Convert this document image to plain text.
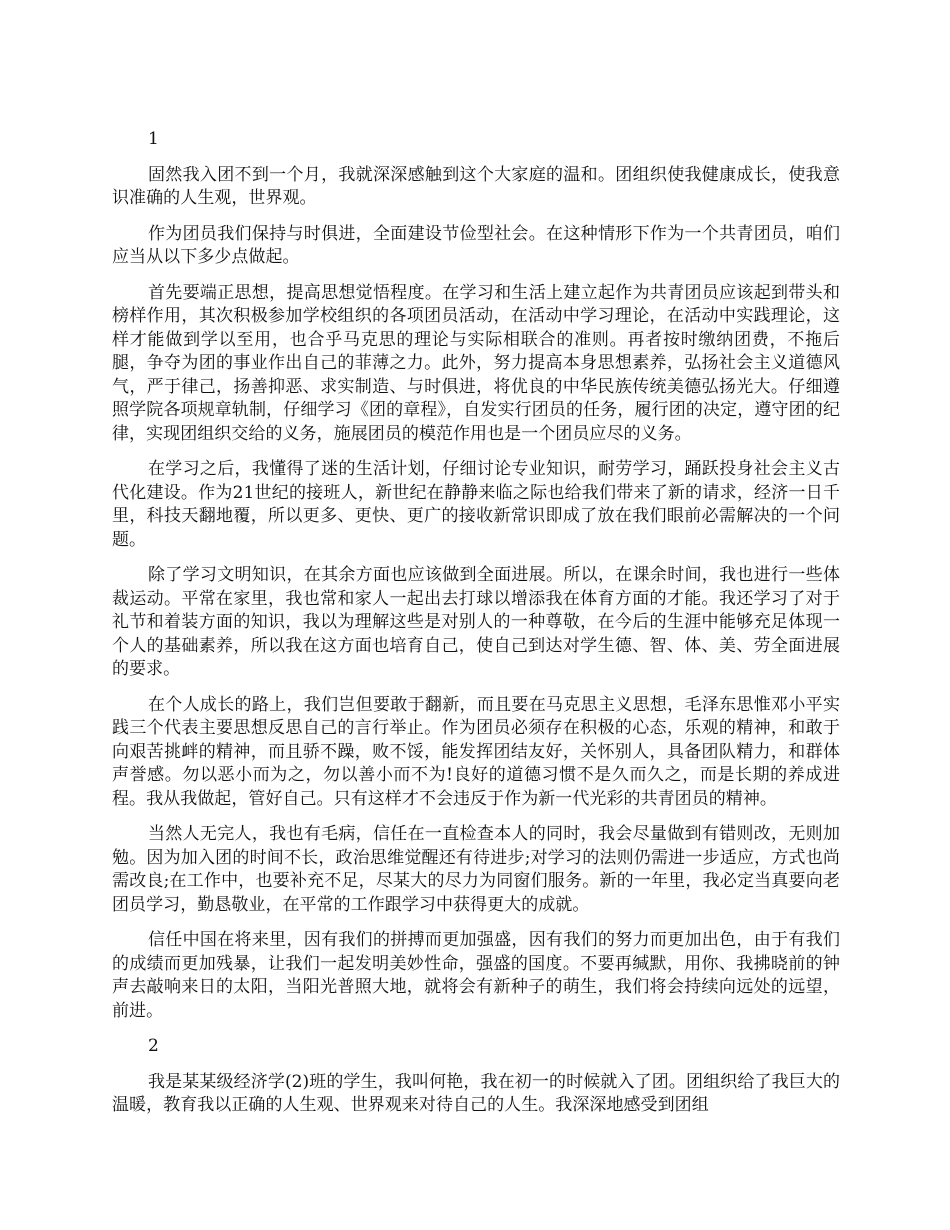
1

固然我入团不到一个月，我就深深感触到这个大家庭的温和。团组织使我健康成长，使我意识准确的人生观，世界观。

作为团员我们保持与时俱进，全面建设节俭型社会。在这种情形下作为一个共青团员，咱们应当从以下多少点做起。

首先要端正思想，提高思想觉悟程度。在学习和生活上建立起作为共青团员应该起到带头和榜样作用，其次积极参加学校组织的各项团员活动，在活动中学习理论，在活动中实践理论，这样才能做到学以至用，也合乎马克思的理论与实际相联合的准则。再者按时缴纳团费，不拖后腿，争夺为团的事业作出自己的菲薄之力。此外，努力提高本身思想素养，弘扬社会主义道德风气，严于律己，扬善抑恶、求实制造、与时俱进，将优良的中华民族传统美德弘扬光大。仔细遵照学院各项规章轨制，仔细学习《团的章程》，自发实行团员的任务，履行团的决定，遵守团的纪律，实现团组织交给的义务，施展团员的模范作用也是一个团员应尽的义务。

在学习之后，我懂得了迷的生活计划，仔细讨论专业知识，耐劳学习，踊跃投身社会主义古代化建设。作为21世纪的接班人，新世纪在静静来临之际也给我们带来了新的请求，经济一日千里，科技天翻地覆，所以更多、更快、更广的接收新常识即成了放在我们眼前必需解决的一个问题。

除了学习文明知识，在其余方面也应该做到全面进展。所以，在课余时间，我也进行一些体裁运动。平常在家里，我也常和家人一起出去打球以增添我在体育方面的才能。我还学习了对于礼节和着装方面的知识，我以为理解这些是对别人的一种尊敬，在今后的生涯中能够充足体现一个人的基础素养，所以我在这方面也培育自己，使自己到达对学生德、智、体、美、劳全面进展的要求。

在个人成长的路上，我们岂但要敢于翻新，而且要在马克思主义思想，毛泽东思惟邓小平实践三个代表主要思想反思自己的言行举止。作为团员必须存在积极的心态，乐观的精神，和敢于向艰苦挑衅的精神，而且骄不躁，败不馁，能发挥团结友好，关怀别人，具备团队精力，和群体声誉感。勿以恶小而为之，勿以善小而不为!良好的道德习惯不是久而久之，而是长期的养成进程。我从我做起，管好自己。只有这样才不会违反于作为新一代光彩的共青团员的精神。

当然人无完人，我也有毛病，信任在一直检查本人的同时，我会尽量做到有错则改，无则加勉。因为加入团的时间不长，政治思维觉醒还有待进步;对学习的法则仍需进一步适应，方式也尚需改良;在工作中，也要补充不足，尽某大的尽力为同窗们服务。新的一年里，我必定当真要向老团员学习，勤恳敬业，在平常的工作跟学习中获得更大的成就。

信任中国在将来里，因有我们的拼搏而更加强盛，因有我们的努力而更加出色，由于有我们的成绩而更加残暴，让我们一起发明美妙性命，强盛的国度。不要再缄默，用你、我拂晓前的钟声去敲响来日的太阳，当阳光普照大地，就将会有新种子的萌生，我们将会持续向远处的远望，前进。

2

我是某某级经济学(2)班的学生，我叫何艳，我在初一的时候就入了团。团组织给了我巨大的温暖，教育我以正确的人生观、世界观来对待自己的人生。我深深地感受到团组
